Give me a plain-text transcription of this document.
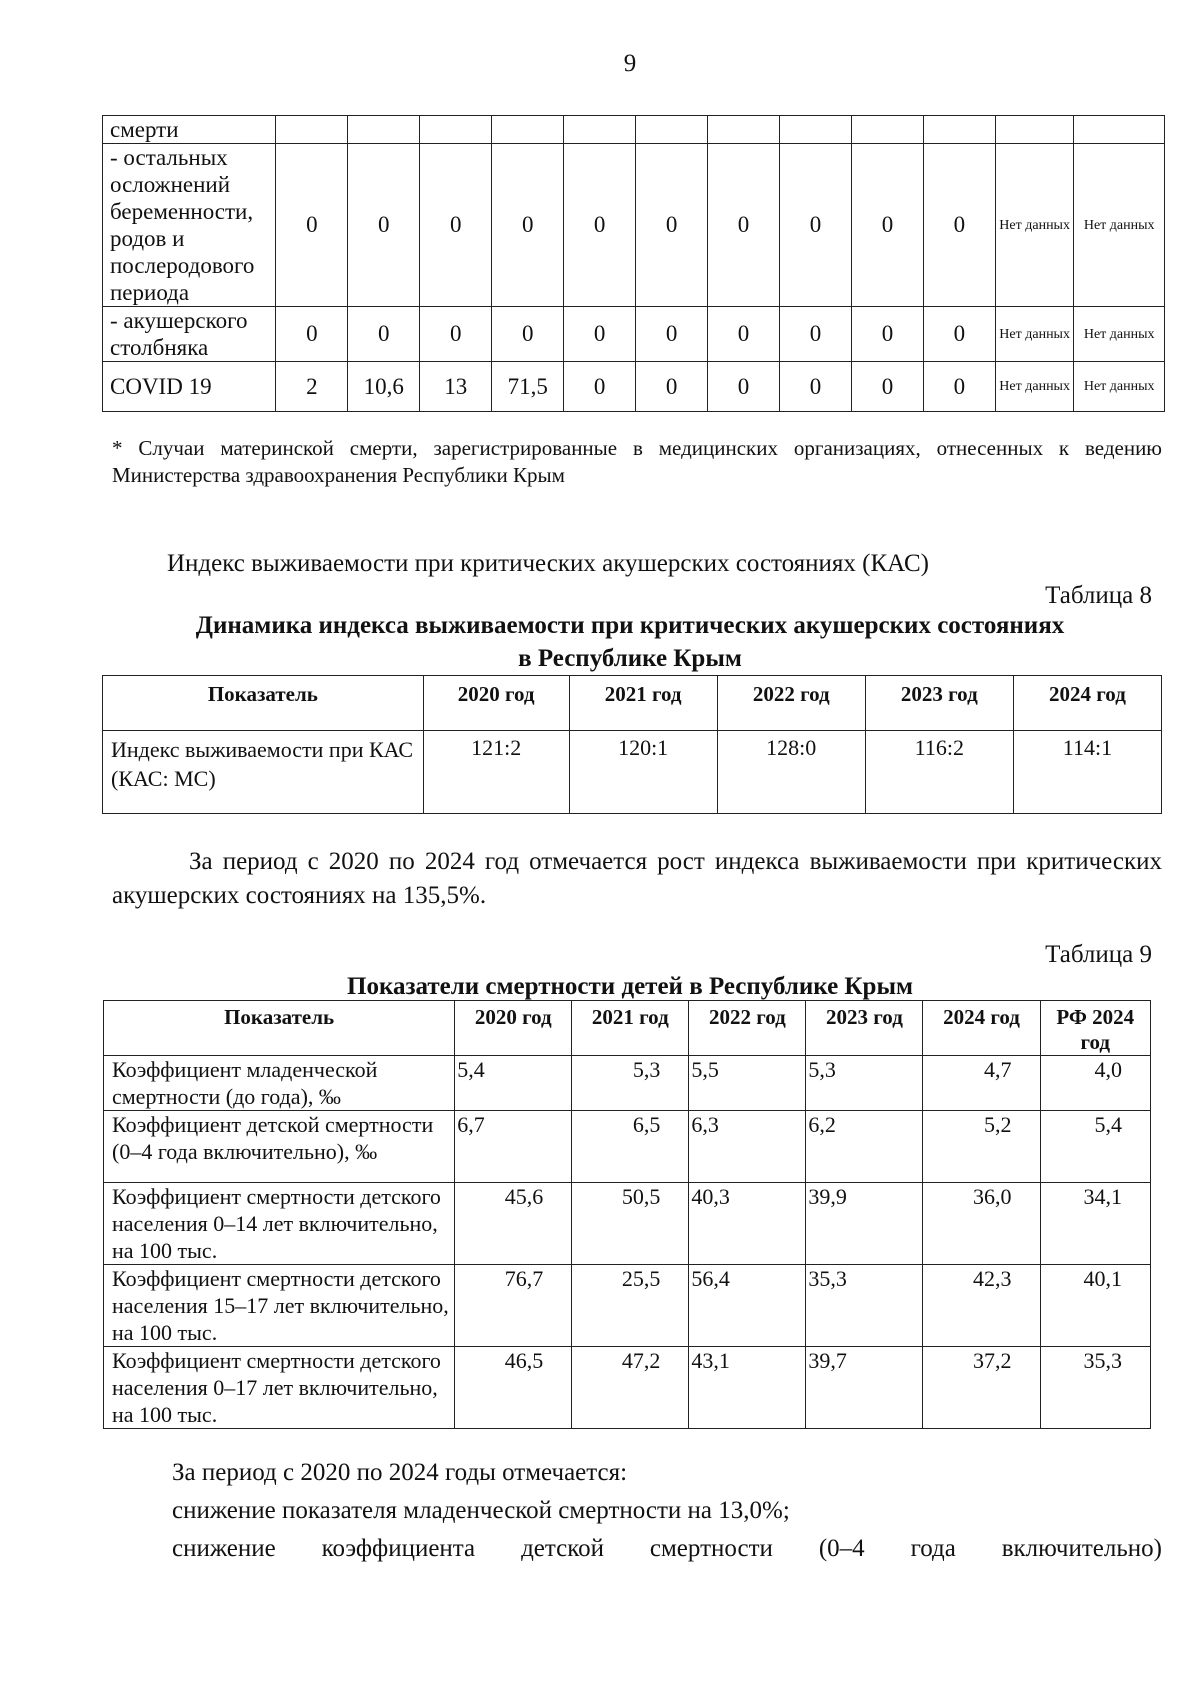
9
смерти												
- остальных осложнений беременности, родов и послеродового периода	0	0	0	0	0	0	0	0	0	0	Нет данных	Нет данных
- акушерского столбняка	0	0	0	0	0	0	0	0	0	0	Нет данных	Нет данных
COVID 19	2	10,6	13	71,5	0	0	0	0	0	0	Нет данных	Нет данных
* Случаи материнской смерти, зарегистрированные в медицинских организациях, отнесенных к ведению Министерства здравоохранения Республики Крым
Индекс выживаемости при критических акушерских состояниях (КАС)
Таблица 8
Динамика индекса выживаемости при критических акушерских состояниях
в Республике Крым
Показатель	2020 год	2021 год	2022 год	2023 год	2024 год
Индекс выживаемости при КАС (КАС: МС)	121:2	120:1	128:0	116:2	114:1
За период с 2020 по 2024 год отмечается рост индекса выживаемости при критических акушерских состояниях на 135,5%.
Таблица 9
Показатели смертности детей в Республике Крым
Показатель	2020 год	2021 год	2022 год	2023 год	2024 год	РФ 2024 год
Коэффициент младенческой смертности (до года), ‰	5,4	5,3	5,5	5,3	4,7	4,0
Коэффициент детской смертности (0–4 года включительно), ‰	6,7	6,5	6,3	6,2	5,2	5,4
Коэффициент смертности детского населения 0–14 лет включительно, на 100 тыс.	45,6	50,5	40,3	39,9	36,0	34,1
Коэффициент смертности детского населения 15–17 лет включительно, на 100 тыс.	76,7	25,5	56,4	35,3	42,3	40,1
Коэффициент смертности детского населения 0–17 лет включительно, на 100 тыс.	46,5	47,2	43,1	39,7	37,2	35,3
За период с 2020 по 2024 годы отмечается:
снижение показателя младенческой смертности на 13,0%;
снижение коэффициента детской смертности (0–4 года включительно)
